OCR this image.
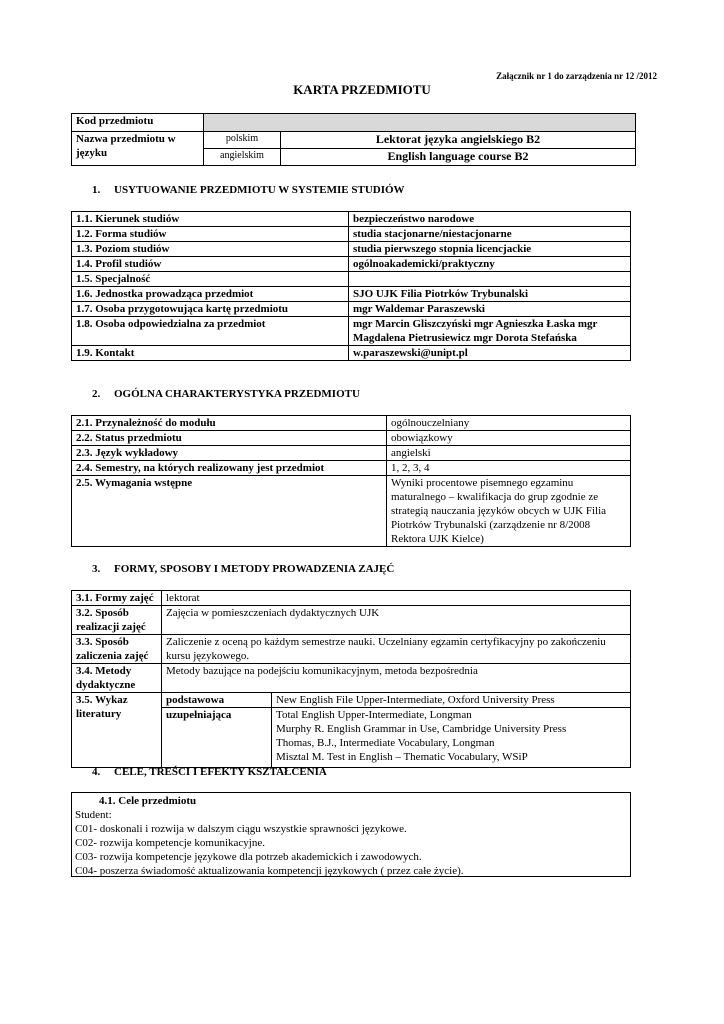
Załącznik nr 1 do zarządzenia nr 12 /2012
KARTA PRZEDMIOTU
Kod przedmiotu		
Nazwa przedmiotu w języku	polskim	Lektorat języka angielskiego B2
	angielskim	English language course B2
1. USYTUOWANIE PRZEDMIOTU W SYSTEMIE STUDIÓW
1.1. Kierunek studiów	bezpieczeństwo narodowe
1.2. Forma studiów	studia stacjonarne/niestacjonarne
1.3. Poziom studiów	studia pierwszego stopnia licencjackie
1.4. Profil studiów	ogólnoakademicki/praktyczny
1.5. Specjalność	
1.6. Jednostka prowadząca przedmiot	SJO UJK Filia Piotrków Trybunalski
1.7. Osoba przygotowująca kartę przedmiotu	mgr Waldemar Paraszewski
1.8. Osoba odpowiedzialna za przedmiot	mgr Marcin Gliszczyński mgr Agnieszka Łaska mgr Magdalena Pietrusiewicz mgr Dorota Stefańska
1.9. Kontakt	w.paraszewski@unipt.pl
2. OGÓLNA CHARAKTERYSTYKA PRZEDMIOTU
2.1. Przynależność do modułu	ogólnouczelniany
2.2. Status przedmiotu	obowiązkowy
2.3. Język wykładowy	angielski
2.4. Semestry, na których realizowany jest przedmiot	1, 2, 3, 4
2.5. Wymagania wstępne	Wyniki procentowe pisemnego egzaminu maturalnego – kwalifikacja do grup zgodnie ze strategią nauczania języków obcych w UJK Filia Piotrków Trybunalski (zarządzenie nr 8/2008 Rektora UJK Kielce)
3. FORMY, SPOSOBY I METODY PROWADZENIA ZAJĘĆ
3.1. Formy zajęć	lektorat	
3.2. Sposób realizacji zajęć	Zajęcia w pomieszczeniach dydaktycznych UJK	
3.3. Sposób zaliczenia zajęć	Zaliczenie z oceną po każdym semestrze nauki. Uczelniany egzamin certyfikacyjny po zakończeniu kursu językowego.	
3.4. Metody dydaktyczne	Metody bazujące na podejściu komunikacyjnym, metoda bezpośrednia	
3.5. Wykaz literatury	podstawowa	New English File Upper-Intermediate, Oxford University Press
	uzupełniająca	Total English Upper-Intermediate, Longman
Murphy R. English Grammar in Use, Cambridge University Press
Thomas, B.J., Intermediate Vocabulary, Longman
Misztal M. Test in English – Thematic Vocabulary, WSiP
4. CELE, TREŚCI I EFEKTY KSZTAŁCENIA
4.1. Cele przedmiotu
Student:
C01- doskonali i rozwija w dalszym ciągu wszystkie sprawności językowe.
C02- rozwija kompetencje komunikacyjne.
C03- rozwija kompetencje językowe dla potrzeb akademickich i zawodowych.
C04- poszerza świadomość aktualizowania kompetencji językowych ( przez całe życie).
